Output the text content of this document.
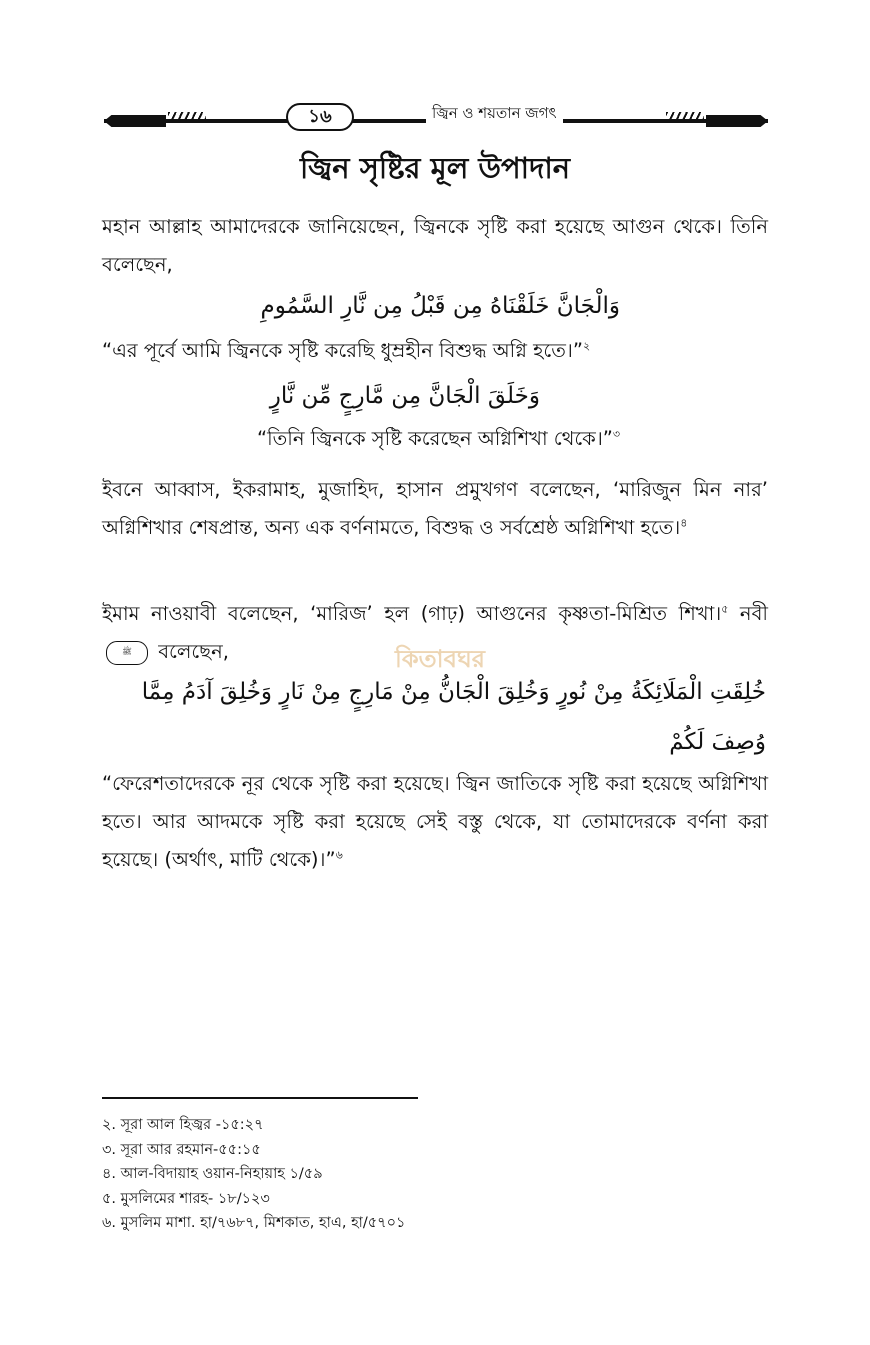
১৬	জ্বিন ও শয়তান জগৎ
জ্বিন সৃষ্টির মূল উপাদান

মহান আল্লাহ আমাদেরকে জানিয়েছেন, জ্বিনকে সৃষ্টি করা হয়েছে আগুন থেকে। তিনি বলেছেন,

وَالْجَانَّ خَلَقْنَاهُ مِن قَبْلُ مِن نَّارِ السَّمُومِ

“এর পূর্বে আমি জ্বিনকে সৃষ্টি করেছি ধুম্রহীন বিশুদ্ধ অগ্নি হতে।”$^২$

وَخَلَقَ الْجَانَّ مِن مَّارِجٍ مِّن نَّارٍ

“তিনি জ্বিনকে সৃষ্টি করেছেন অগ্নিশিখা থেকে।”$^৩$

ইবনে আব্বাস, ইকরামাহ, মুজাহিদ, হাসান প্রমুখগণ বলেছেন, ‘মারিজুন মিন নার’ অগ্নিশিখার শেষপ্রান্ত, অন্য এক বর্ণনামতে, বিশুদ্ধ ও সর্বশ্রেষ্ঠ অগ্নিশিখা হতে।$^৪$

ইমাম নাওয়াবী বলেছেন, ‘মারিজ’ হল (গাঢ়) আগুনের কৃষ্ণতা-মিশ্রিত শিখা।$^৫$ নবীﷺ বলেছেন,	কিতাবঘর

خُلِقَتِ الْمَلَائِكَةُ مِنْ نُورٍ وَخُلِقَ الْجَانُّ مِنْ مَارِجٍ مِنْ نَارٍ وَخُلِقَ آدَمُ مِمَّا

وُصِفَ لَكُمْ

“ফেরেশতাদেরকে নূর থেকে সৃষ্টি করা হয়েছে। জ্বিন জাতিকে সৃষ্টি করা হয়েছে অগ্নিশিখা হতে। আর আদমকে সৃষ্টি করা হয়েছে সেই বস্তু থেকে, যা তোমাদেরকে বর্ণনা করা হয়েছে। (অর্থাৎ, মাটি থেকে)।”$^৬$

২. সূরা আল হিজ্বর -১৫:২৭
৩. সূরা আর রহমান-৫৫:১৫
৪. আল-বিদায়াহ ওয়ান-নিহায়াহ ১/৫৯
৫. মুসলিমের শারহ- ১৮/১২৩
৬. মুসলিম মাশা. হা/৭৬৮৭, মিশকাত, হাএ, হা/৫৭০১
